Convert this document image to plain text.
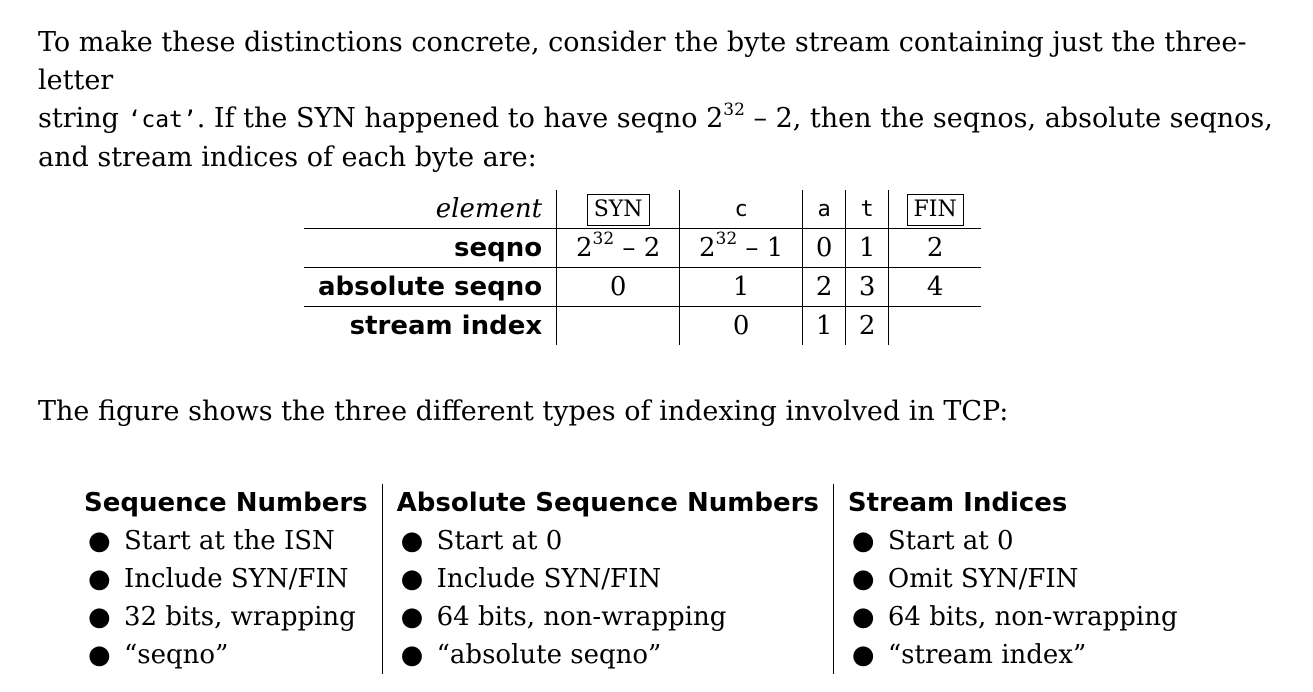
To make these distinctions concrete, consider the byte stream containing just the three-letter
string ‘cat’. If the SYN happened to have seqno $2^{32} - 2$, then the seqnos, absolute seqnos,
and stream indices of each byte are:

element	SYN	c	a	t	FIN
seqno	$2^{32} - 2$	$2^{32} - 1$	0	1	2
absolute seqno	0	1	2	3	4
stream index		0	1	2	

The figure shows the three different types of indexing involved in TCP:

Sequence Numbers
● Start at the ISN
● Include SYN/FIN
● 32 bits, wrapping
● “seqno”
Absolute Sequence Numbers
● Start at 0
● Include SYN/FIN
● 64 bits, non-wrapping
● “absolute seqno”
Stream Indices
● Start at 0
● Omit SYN/FIN
● 64 bits, non-wrapping
● “stream index”
